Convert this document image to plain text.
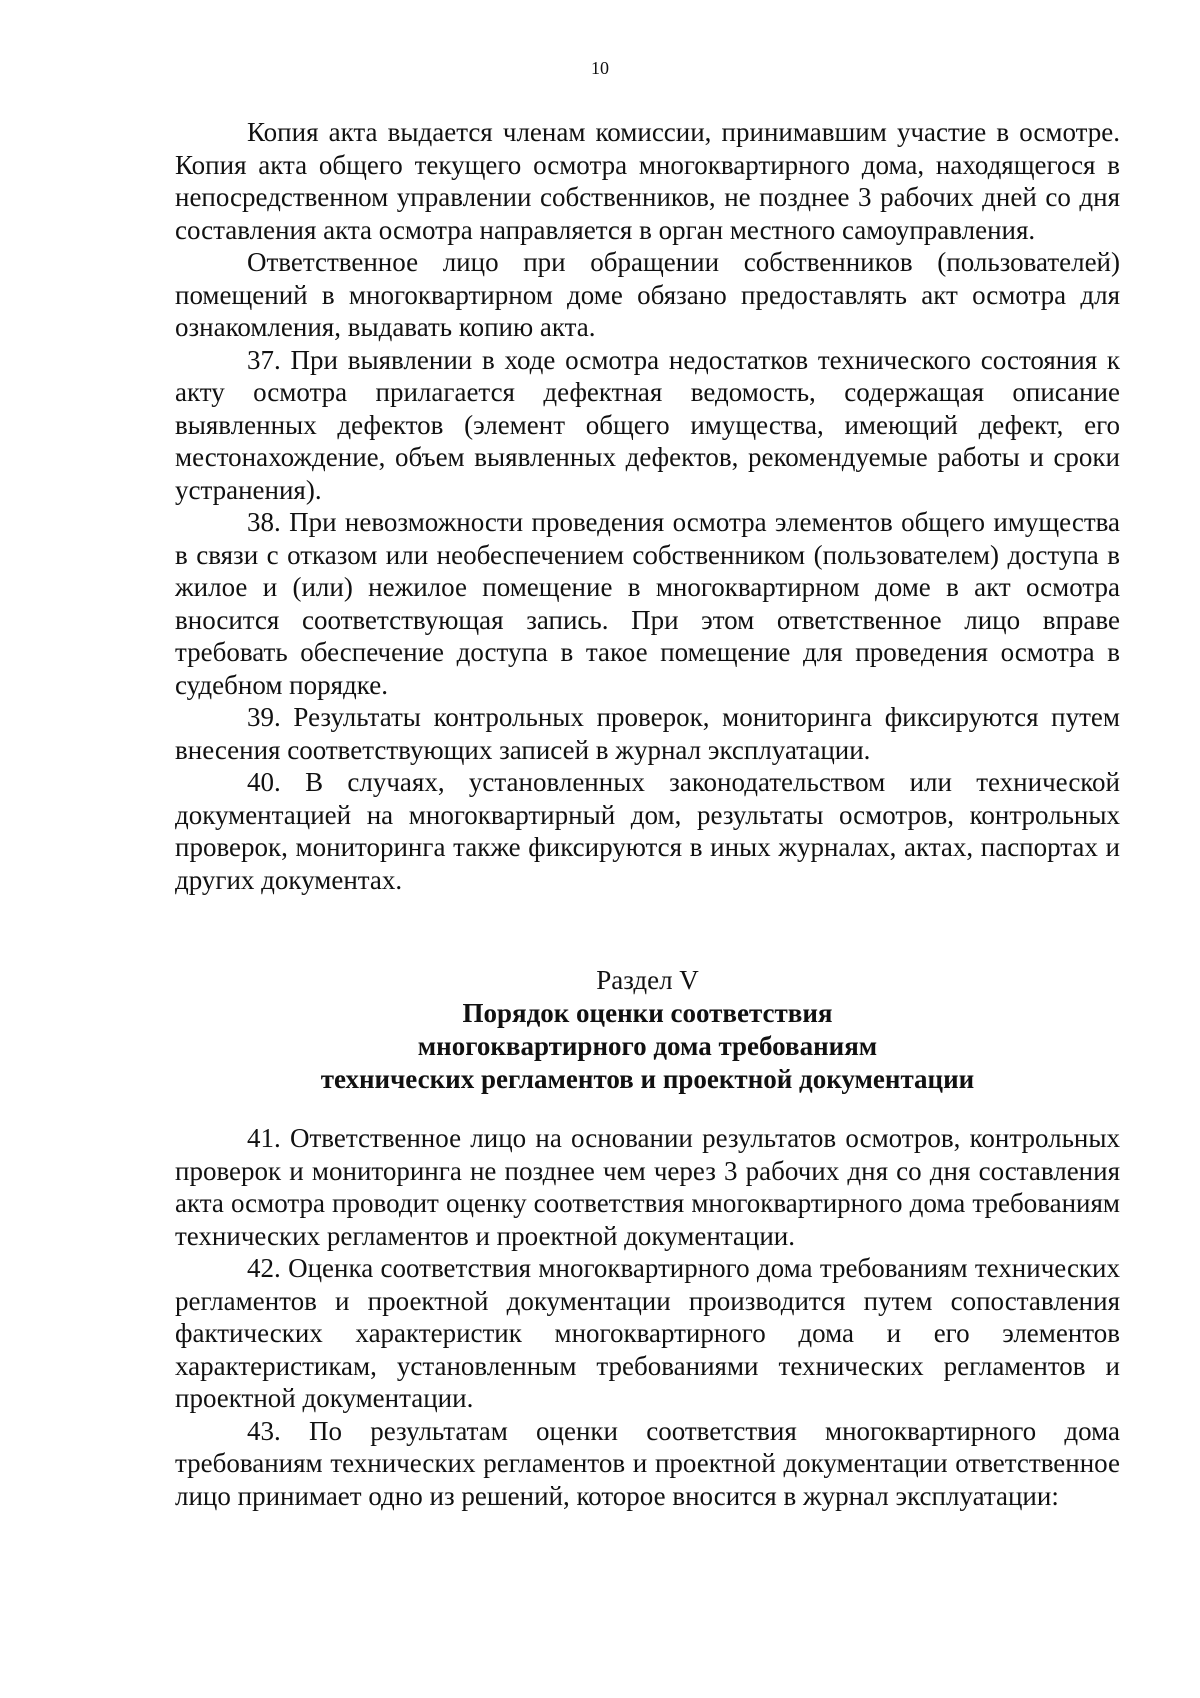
10

Копия акта выдается членам комиссии, принимавшим участие в осмотре. Копия акта общего текущего осмотра многоквартирного дома, находящегося в непосредственном управлении собственников, не позднее 3 рабочих дней со дня составления акта осмотра направляется в орган местного самоуправления.

Ответственное лицо при обращении собственников (пользователей) помещений в многоквартирном доме обязано предоставлять акт осмотра для ознакомления, выдавать копию акта.

37. При выявлении в ходе осмотра недостатков технического состояния к акту осмотра прилагается дефектная ведомость, содержащая описание выявленных дефектов (элемент общего имущества, имеющий дефект, его местонахождение, объем выявленных дефектов, рекомендуемые работы и сроки устранения).

38. При невозможности проведения осмотра элементов общего имущества в связи с отказом или необеспечением собственником (пользователем) доступа в жилое и (или) нежилое помещение в многоквартирном доме в акт осмотра вносится соответствующая запись. При этом ответственное лицо вправе требовать обеспечение доступа в такое помещение для проведения осмотра в судебном порядке.

39. Результаты контрольных проверок, мониторинга фиксируются путем внесения соответствующих записей в журнал эксплуатации.

40. В случаях, установленных законодательством или технической документацией на многоквартирный дом, результаты осмотров, контрольных проверок, мониторинга также фиксируются в иных журналах, актах, паспортах и других документах.

Раздел V
Порядок оценки соответствия
многоквартирного дома требованиям
технических регламентов и проектной документации

41. Ответственное лицо на основании результатов осмотров, контрольных проверок и мониторинга не позднее чем через 3 рабочих дня со дня составления акта осмотра проводит оценку соответствия многоквартирного дома требованиям технических регламентов и проектной документации.

42. Оценка соответствия многоквартирного дома требованиям технических регламентов и проектной документации производится путем сопоставления фактических характеристик многоквартирного дома и его элементов характеристикам, установленным требованиями технических регламентов и проектной документации.

43. По результатам оценки соответствия многоквартирного дома требованиям технических регламентов и проектной документации ответственное лицо принимает одно из решений, которое вносится в журнал эксплуатации:
